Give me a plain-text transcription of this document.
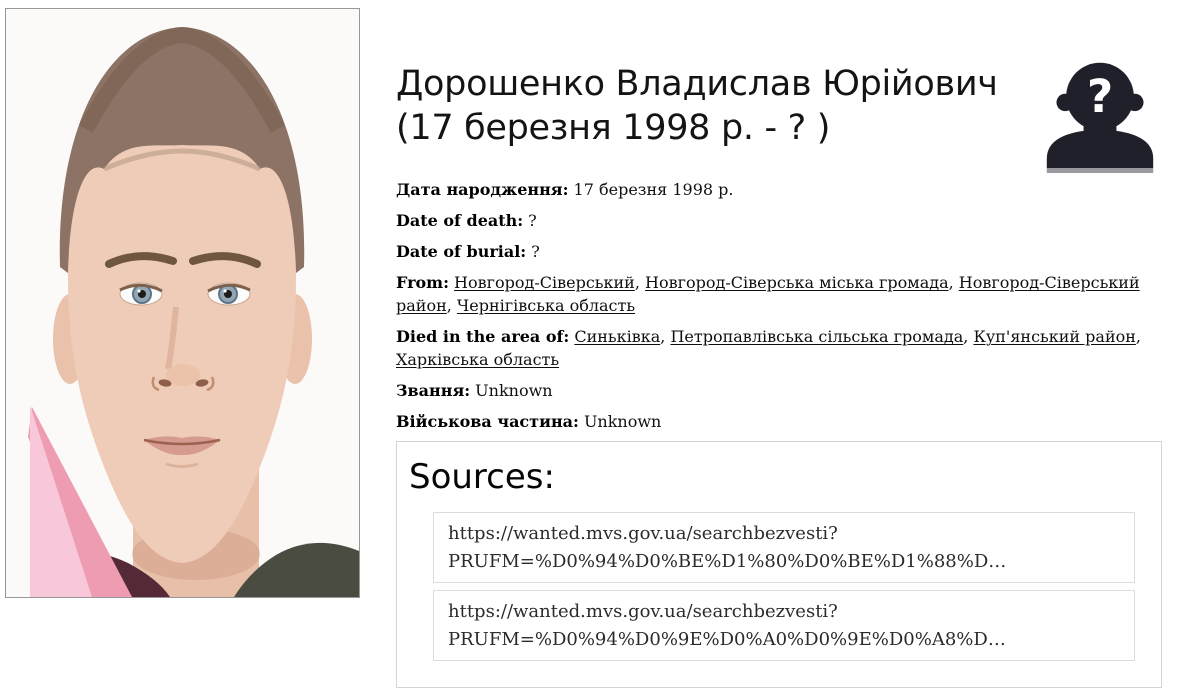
Дорошенко Владислав Юрійович
(17 березня 1998 р. - ? )
?

Дата народження: 17 березня 1998 р.

Date of death: ?

Date of burial: ?

From: Новгород-Сіверський, Новгород-Сіверська міська громада, Новгород-Сіверський район, Чернігівська область

Died in the area of: Синьківка, Петропавлівська сільська громада, Куп'янський район, Харківська область

Звання: Unknown

Військова частина: Unknown

Sources:
https://wanted.mvs.gov.ua/searchbezvesti?
PRUFM=%D0%94%D0%BE%D1%80%D0%BE%D1%88%D…
https://wanted.mvs.gov.ua/searchbezvesti?
PRUFM=%D0%94%D0%9E%D0%A0%D0%9E%D0%A8%D…
